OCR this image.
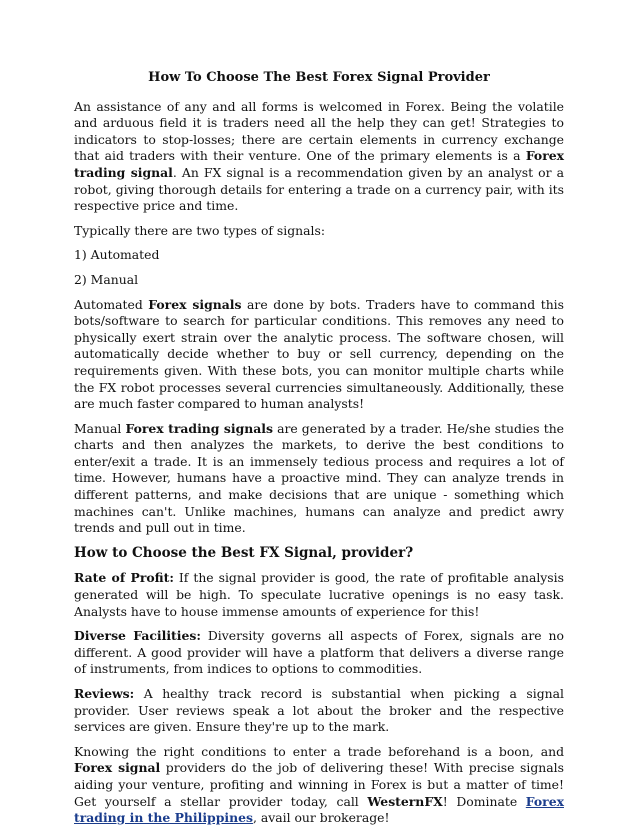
How To Choose The Best Forex Signal Provider

An assistance of any and all forms is welcomed in Forex. Being the volatile and arduous field it is traders need all the help they can get! Strategies to indicators to stop-losses; there are certain elements in currency exchange that aid traders with their venture. One of the primary elements is a Forex trading signal. An FX signal is a recommendation given by an analyst or a robot, giving thorough details for entering a trade on a currency pair, with its respective price and time.

Typically there are two types of signals:

1) Automated

2) Manual

Automated Forex signals are done by bots. Traders have to command this bots/software to search for particular conditions. This removes any need to physically exert strain over the analytic process. The software chosen, will automatically decide whether to buy or sell currency, depending on the requirements given. With these bots, you can monitor multiple charts while the FX robot processes several currencies simultaneously. Additionally, these are much faster compared to human analysts!

Manual Forex trading signals are generated by a trader. He/she studies the charts and then analyzes the markets, to derive the best conditions to enter/exit a trade. It is an immensely tedious process and requires a lot of time. However, humans have a proactive mind. They can analyze trends in different patterns, and make decisions that are unique - something which machines can't. Unlike machines, humans can analyze and predict awry trends and pull out in time.

How to Choose the Best FX Signal, provider?

Rate of Profit: If the signal provider is good, the rate of profitable analysis generated will be high. To speculate lucrative openings is no easy task. Analysts have to house immense amounts of experience for this!

Diverse Facilities: Diversity governs all aspects of Forex, signals are no different. A good provider will have a platform that delivers a diverse range of instruments, from indices to options to commodities.

Reviews: A healthy track record is substantial when picking a signal provider. User reviews speak a lot about the broker and the respective services are given. Ensure they're up to the mark.

Knowing the right conditions to enter a trade beforehand is a boon, and Forex signal providers do the job of delivering these! With precise signals aiding your venture, profiting and winning in Forex is but a matter of time! Get yourself a stellar provider today, call WesternFX! Dominate Forex trading in the Philippines, avail our brokerage!
